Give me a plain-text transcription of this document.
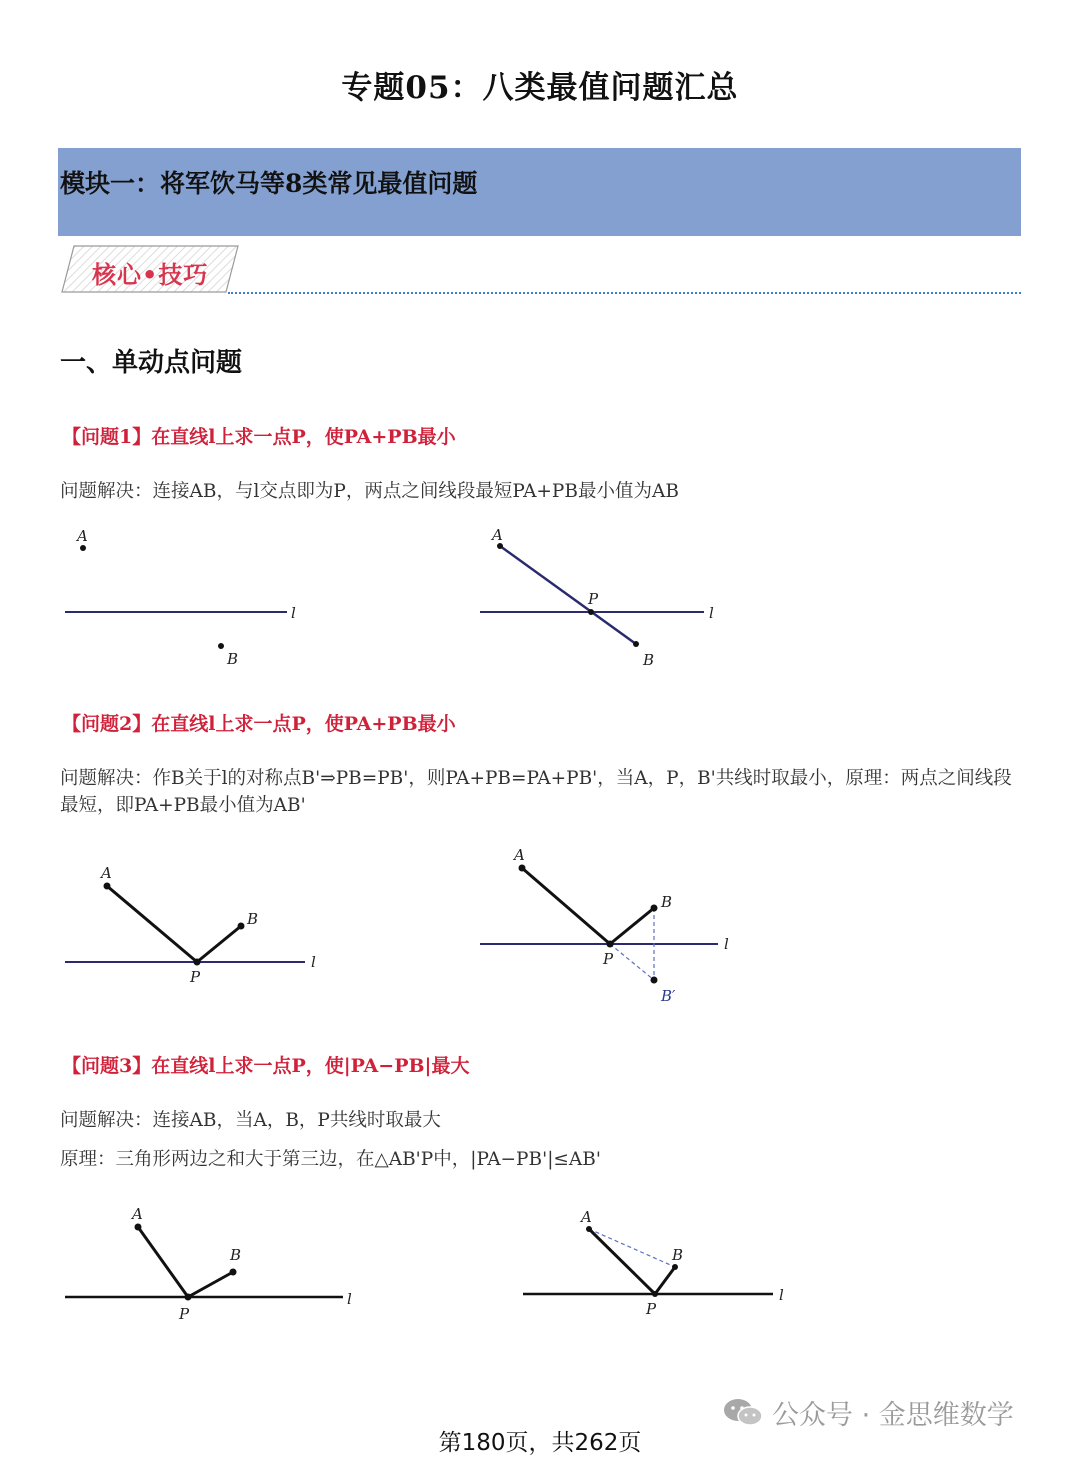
专题05：八类最值问题汇总
模块一：将军饮马等8类常见最值问题
核心•技巧
一、单动点问题
【问题1】在直线l上求一点P，使PA+PB最小
问题解决：连接AB，与l交点即为P，两点之间线段最短PA+PB最小值为AB
A
l
B
A
P
B
l
【问题2】在直线l上求一点P，使PA+PB最小
问题解决：作B关于l的对称点B'⇒PB=PB'，则PA+PB=PA+PB'，当A，P，B'共线时取最小，原理：两点之间线段最短，即PA+PB最小值为AB'
A
P
B
l
A
P
B
B′
l
【问题3】在直线l上求一点P，使|PA−PB|最大
问题解决：连接AB，当A，B，P共线时取最大
原理：三角形两边之和大于第三边，在△AB'P中，|PA−PB'|≤AB'
A
P
B
l
A
P
B
l
公众号 · 金思维数学
第180页，共262页
